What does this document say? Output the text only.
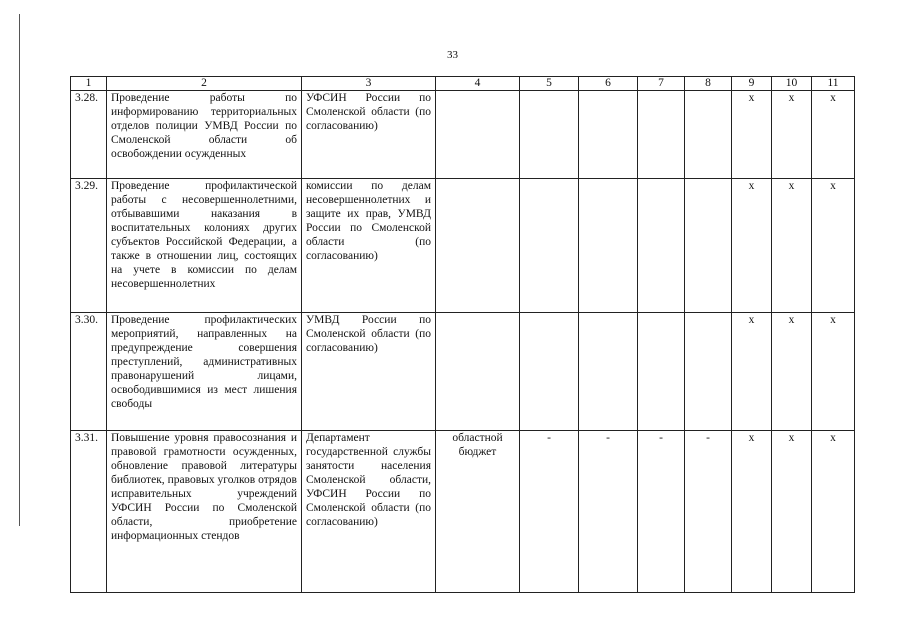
33
1	2	3	4	5	6	7	8	9	10	11
3.28.	Проведение работы по информированию территориальных отделов полиции УМВД России по Смоленской области об освобождении осужденных	УФСИН России по Смоленской области (по согласованию)						x	x	x
3.29.	Проведение профилактической работы с несовершеннолетними, отбывавшими наказания в воспитательных колониях других субъектов Российской Федерации, а также в отношении лиц, состоящих на учете в комиссии по делам несовершеннолетних	комиссии по делам несовершеннолетних и защите их прав, УМВД России по Смоленской области (по согласованию)						x	x	x
3.30.	Проведение профилактических мероприятий, направленных на предупреждение совершения преступлений, административных правонарушений лицами, освободившимися из мест лишения свободы	УМВД России по Смоленской области (по согласованию)						x	x	x
3.31.	Повышение уровня правосознания и правовой грамотности осужденных, обновление правовой литературы библиотек, правовых уголков отрядов исправительных учреждений УФСИН России по Смоленской области, приобретение информационных стендов	Департамент государственной службы занятости населения Смоленской области, УФСИН России по Смоленской области (по согласованию)	областной бюджет	-	-	-	-	x	x	x
